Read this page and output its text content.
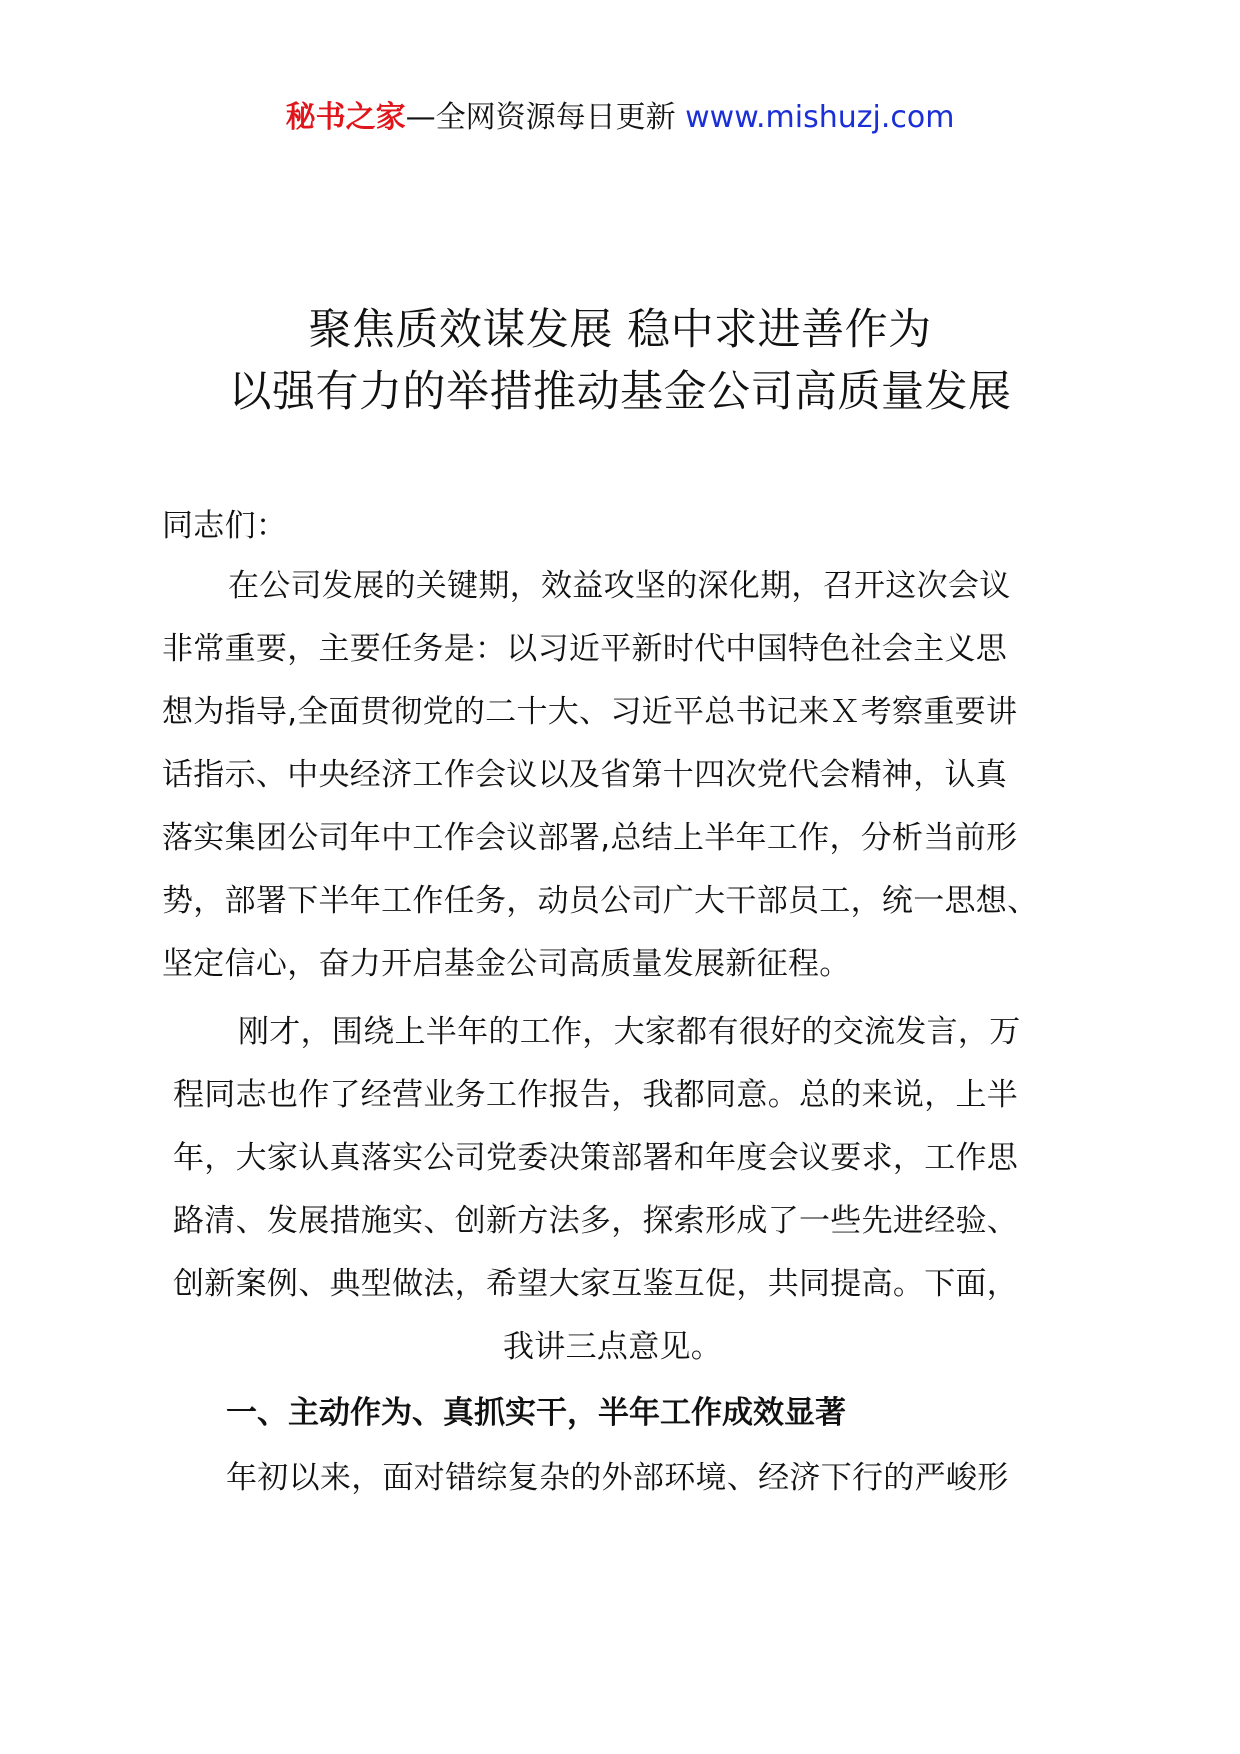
秘书之家—全网资源每日更新 www.mishuzj.com
聚焦质效谋发展 稳中求进善作为
以强有力的举措推动基金公司高质量发展
同志们：
在公司发展的关键期，效益攻坚的深化期，召开这次会议
非常重要，主要任务是：以习近平新时代中国特色社会主义思
想为指导,全面贯彻党的二十大、习近平总书记来Ｘ考察重要讲
话指示、中央经济工作会议以及省第十四次党代会精神，认真
落实集团公司年中工作会议部署,总结上半年工作，分析当前形
势，部署下半年工作任务，动员公司广大干部员工，统一思想、
坚定信心，奋力开启基金公司高质量发展新征程。
刚才，围绕上半年的工作，大家都有很好的交流发言，万
程同志也作了经营业务工作报告，我都同意。总的来说，上半
年，大家认真落实公司党委决策部署和年度会议要求，工作思
路清、发展措施实、创新方法多，探索形成了一些先进经验、
创新案例、典型做法，希望大家互鉴互促，共同提高。下面，
我讲三点意见。
一、主动作为、真抓实干，半年工作成效显著
年初以来，面对错综复杂的外部环境、经济下行的严峻形
